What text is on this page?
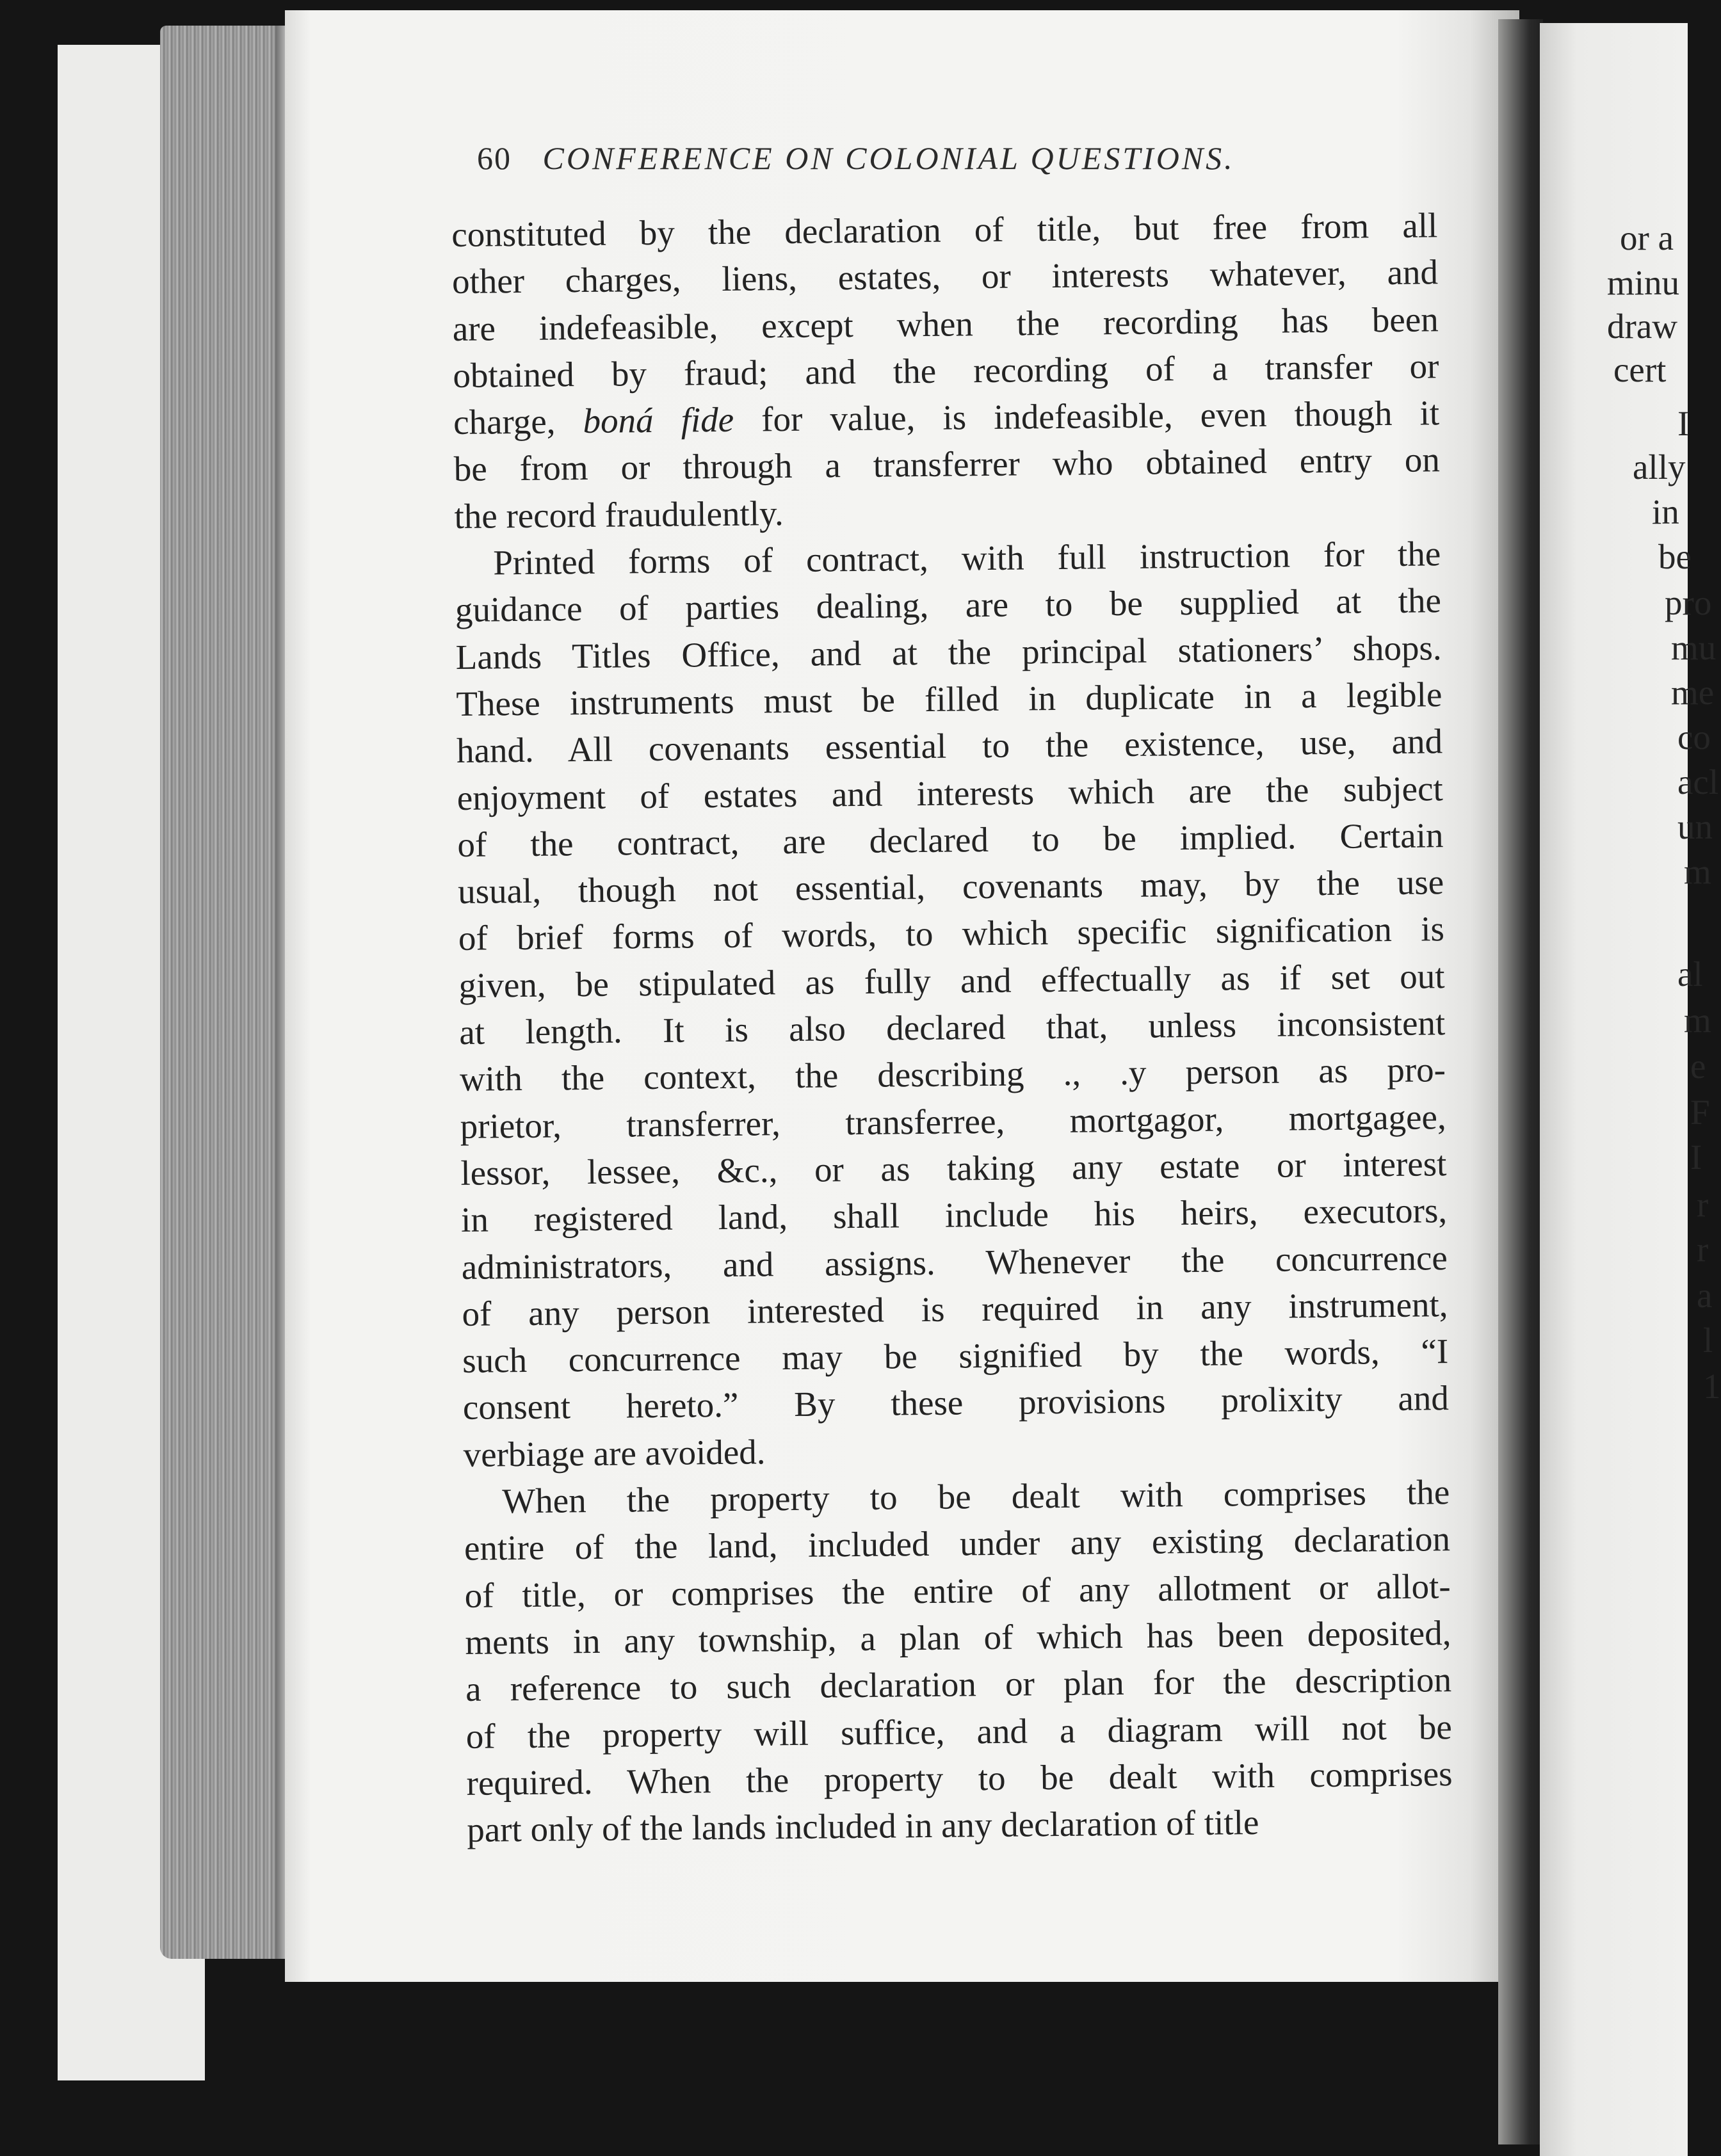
60 CONFERENCE ON COLONIAL QUESTIONS.
constituted by the declaration of title, but free from all
other charges, liens, estates, or interests whatever, and
are indefeasible, except when the recording has been
obtained by fraud; and the recording of a transfer or
charge, boná fide for value, is indefeasible, even though it
be from or through a transferrer who obtained entry on
the record fraudulently.
Printed forms of contract, with full instruction for the
guidance of parties dealing, are to be supplied at the
Lands Titles Office, and at the principal stationers’ shops.
These instruments must be filled in duplicate in a legible
hand. All covenants essential to the existence, use, and
enjoyment of estates and interests which are the subject
of the contract, are declared to be implied. Certain
usual, though not essential, covenants may, by the use
of brief forms of words, to which specific signification is
given, be stipulated as fully and effectually as if set out
at length. It is also declared that, unless inconsistent
with the context, the describing ., .y person as pro-
prietor, transferrer, transferree, mortgagor, mortgagee,
lessor, lessee, &c., or as taking any estate or interest
in registered land, shall include his heirs, executors,
administrators, and assigns. Whenever the concurrence
of any person interested is required in any instrument,
such concurrence may be signified by the words, “I
consent hereto.” By these provisions prolixity and
verbiage are avoided.
When the property to be dealt with comprises the
entire of the land, included under any existing declaration
of title, or comprises the entire of any allotment or allot-
ments in any township, a plan of which has been deposited,
a reference to such declaration or plan for the description
of the property will suffice, and a diagram will not be
required. When the property to be dealt with comprises
part only of the lands included in any declaration of title
or a
minu
draw
cert
I
ally
in
be
pro
mu
me
co
acl
un
m
al
m
e
F
I
r
r
a
l
1
